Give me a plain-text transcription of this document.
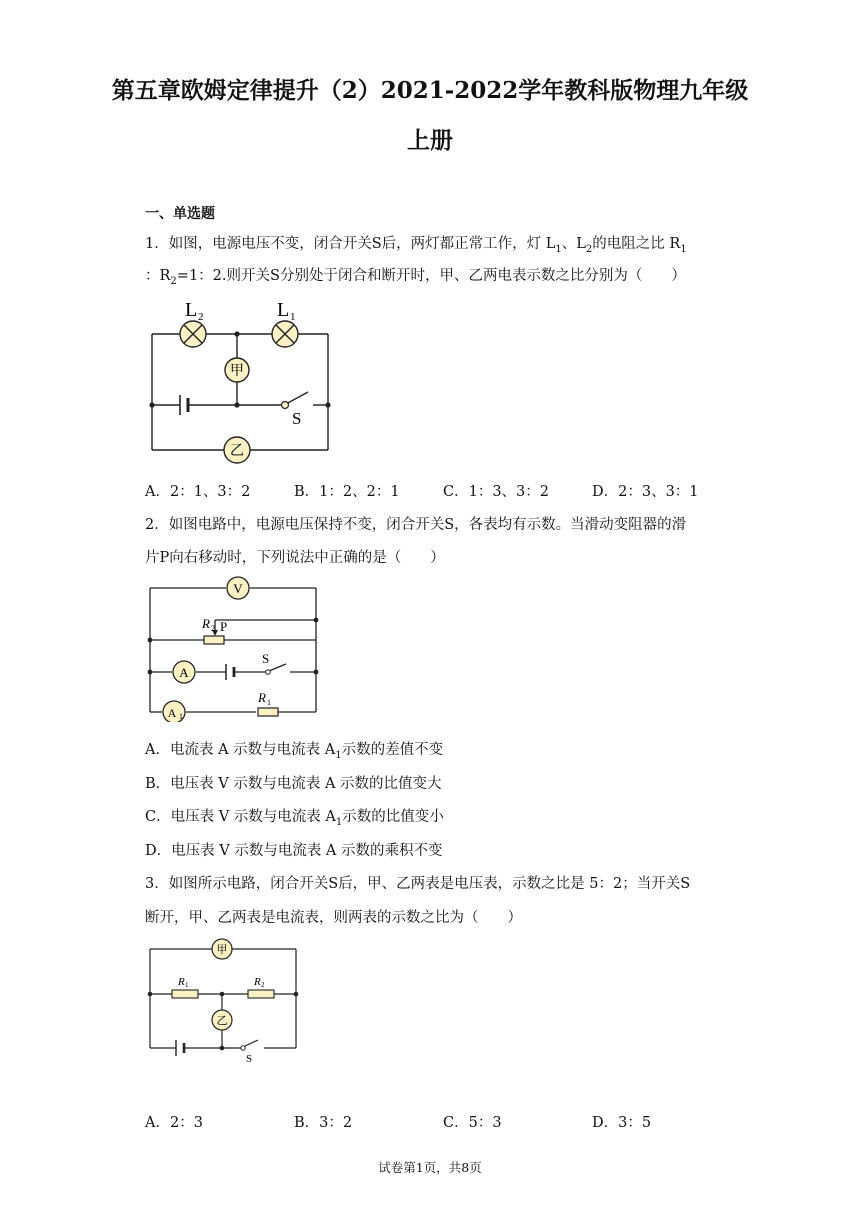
第五章欧姆定律提升（2）2021-2022学年教科版物理九年级
上册
一、单选题
1．如图，电源电压不变，闭合开关S后，两灯都正常工作，灯 $L_1$、$L_2$的电阻之比 $R_1$
：$R_2=1$：2.则开关S分别处于闭合和断开时，甲、乙两电表示数之比分别为（　　）
甲
乙
L 2	L 1
S
A．2：1、3：2	B．1：2、2：1	C．1：3、3：2	D．2：3、3：1
2．如图电路中，电源电压保持不变，闭合开关S，各表均有示数。当滑动变阻器的滑
片P向右移动时，下列说法中正确的是（　　）
V
A
A 1
R 2 P
S
R 1
A．电流表 A 示数与电流表 $A_1$示数的差值不变
B．电压表 V 示数与电流表 A 示数的比值变大
C．电压表 V 示数与电流表 $A_1$示数的比值变小
D．电压表 V 示数与电流表 A 示数的乘积不变
3．如图所示电路，闭合开关S后，甲、乙两表是电压表，示数之比是 5：2；当开关S
断开，甲、乙两表是电流表，则两表的示数之比为（　　）
甲
乙
R 1	R 2
S
A．2：3	B．3：2	C．5：3	D．3：5
试卷第1页，共8页
